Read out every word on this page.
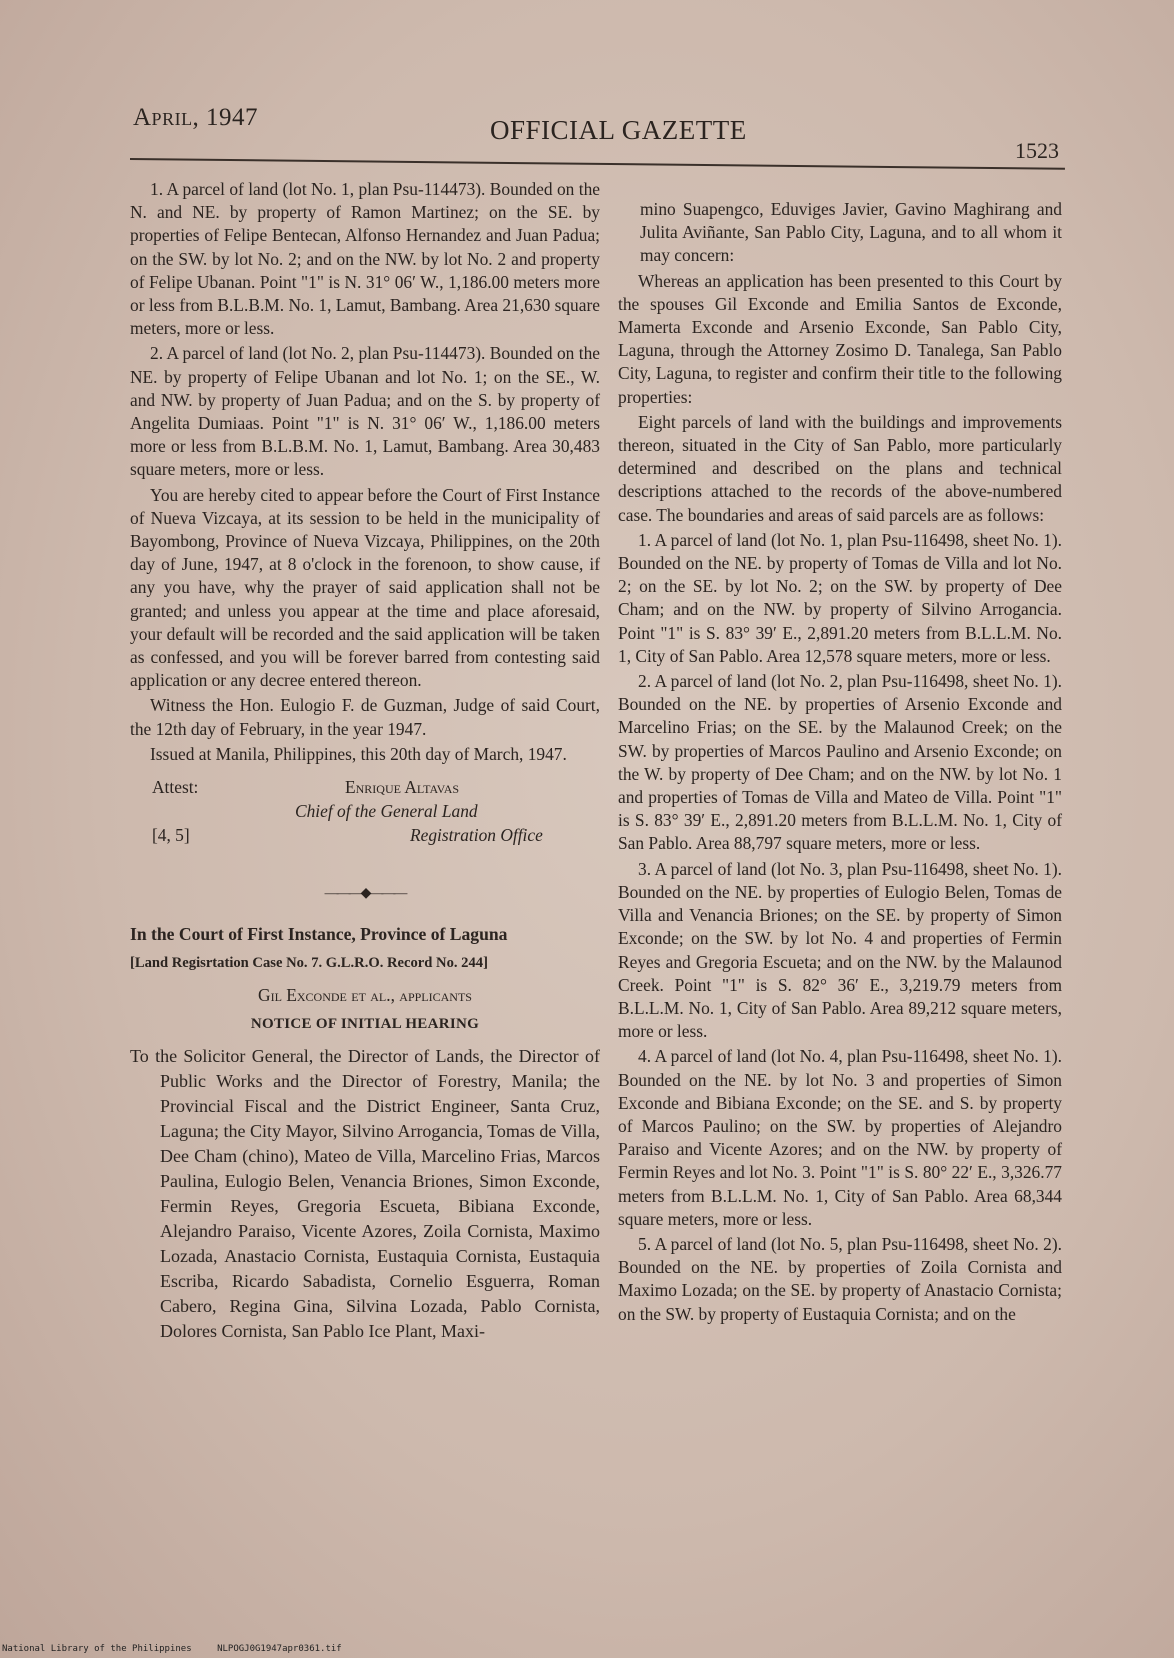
April, 1947	OFFICIAL GAZETTE
1523

1. A parcel of land (lot No. 1, plan Psu-114473). Bounded on the N. and NE. by property of Ramon Martinez; on the SE. by properties of Felipe Bentecan, Alfonso Hernandez and Juan Padua; on the SW. by lot No. 2; and on the NW. by lot No. 2 and property of Felipe Ubanan. Point "1" is N. 31° 06′ W., 1,186.00 meters more or less from B.L.B.M. No. 1, Lamut, Bambang. Area 21,630 square meters, more or less.

2. A parcel of land (lot No. 2, plan Psu-114473). Bounded on the NE. by property of Felipe Ubanan and lot No. 1; on the SE., W. and NW. by property of Juan Padua; and on the S. by property of Angelita Dumiaas. Point "1" is N. 31° 06′ W., 1,186.00 meters more or less from B.L.B.M. No. 1, Lamut, Bambang. Area 30,483 square meters, more or less.

You are hereby cited to appear before the Court of First Instance of Nueva Vizcaya, at its session to be held in the municipality of Bayombong, Province of Nueva Vizcaya, Philippines, on the 20th day of June, 1947, at 8 o'clock in the forenoon, to show cause, if any you have, why the prayer of said application shall not be granted; and unless you appear at the time and place aforesaid, your default will be recorded and the said application will be taken as confessed, and you will be forever barred from contesting said application or any decree entered thereon.

Witness the Hon. Eulogio F. de Guzman, Judge of said Court, the 12th day of February, in the year 1947.

Issued at Manila, Philippines, this 20th day of March, 1947.

Attest:	Enrique Altavas
Chief of the General Land
[4, 5]	Registration Office
―――◆―――

In the Court of First Instance, Province of Laguna

[Land Regisrtation Case No. 7. G.L.R.O. Record No. 244]

Gil Exconde et al., applicants

NOTICE OF INITIAL HEARING

To the Solicitor General, the Director of Lands, the Director of Public Works and the Director of Forestry, Manila; the Provincial Fiscal and the District Engineer, Santa Cruz, Laguna; the City Mayor, Silvino Arrogancia, Tomas de Villa, Dee Cham (chino), Mateo de Villa, Marcelino Frias, Marcos Paulina, Eulogio Belen, Venancia Briones, Simon Exconde, Fermin Reyes, Gregoria Escueta, Bibiana Exconde, Alejandro Paraiso, Vicente Azores, Zoila Cornista, Maximo Lozada, Anastacio Cornista, Eustaquia Cornista, Eustaquia Escriba, Ricardo Sabadista, Cornelio Esguerra, Roman Cabero, Regina Gina, Silvina Lozada, Pablo Cornista, Dolores Cornista, San Pablo Ice Plant, Maxi-

mino Suapengco, Eduviges Javier, Gavino Maghirang and Julita Aviñante, San Pablo City, Laguna, and to all whom it may concern:

Whereas an application has been presented to this Court by the spouses Gil Exconde and Emilia Santos de Exconde, Mamerta Exconde and Arsenio Exconde, San Pablo City, Laguna, through the Attorney Zosimo D. Tanalega, San Pablo City, Laguna, to register and confirm their title to the following properties:

Eight parcels of land with the buildings and improvements thereon, situated in the City of San Pablo, more particularly determined and described on the plans and technical descriptions attached to the records of the above-numbered case. The boundaries and areas of said parcels are as follows:

1. A parcel of land (lot No. 1, plan Psu-116498, sheet No. 1). Bounded on the NE. by property of Tomas de Villa and lot No. 2; on the SE. by lot No. 2; on the SW. by property of Dee Cham; and on the NW. by property of Silvino Arrogancia. Point "1" is S. 83° 39′ E., 2,891.20 meters from B.L.L.M. No. 1, City of San Pablo. Area 12,578 square meters, more or less.

2. A parcel of land (lot No. 2, plan Psu-116498, sheet No. 1). Bounded on the NE. by properties of Arsenio Exconde and Marcelino Frias; on the SE. by the Malaunod Creek; on the SW. by properties of Marcos Paulino and Arsenio Exconde; on the W. by property of Dee Cham; and on the NW. by lot No. 1 and properties of Tomas de Villa and Mateo de Villa. Point "1" is S. 83° 39′ E., 2,891.20 meters from B.L.L.M. No. 1, City of San Pablo. Area 88,797 square meters, more or less.

3. A parcel of land (lot No. 3, plan Psu-116498, sheet No. 1). Bounded on the NE. by properties of Eulogio Belen, Tomas de Villa and Venancia Briones; on the SE. by property of Simon Exconde; on the SW. by lot No. 4 and properties of Fermin Reyes and Gregoria Escueta; and on the NW. by the Malaunod Creek. Point "1" is S. 82° 36′ E., 3,219.79 meters from B.L.L.M. No. 1, City of San Pablo. Area 89,212 square meters, more or less.

4. A parcel of land (lot No. 4, plan Psu-116498, sheet No. 1). Bounded on the NE. by lot No. 3 and properties of Simon Exconde and Bibiana Exconde; on the SE. and S. by property of Marcos Paulino; on the SW. by properties of Alejandro Paraiso and Vicente Azores; and on the NW. by property of Fermin Reyes and lot No. 3. Point "1" is S. 80° 22′ E., 3,326.77 meters from B.L.L.M. No. 1, City of San Pablo. Area 68,344 square meters, more or less.

5. A parcel of land (lot No. 5, plan Psu-116498, sheet No. 2). Bounded on the NE. by properties of Zoila Cornista and Maximo Lozada; on the SE. by property of Anastacio Cornista; on the SW. by property of Eustaquia Cornista; and on the

National Library of the Philippines	NLPOGJ0G1947apr0361.tif
